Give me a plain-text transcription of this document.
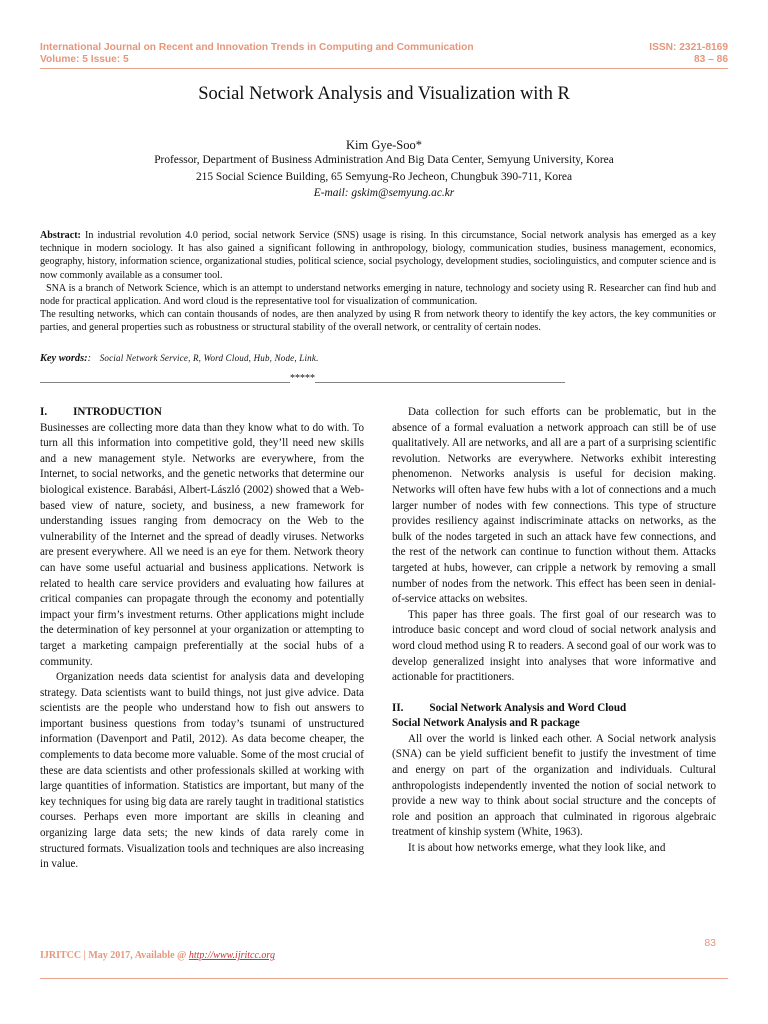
International Journal on Recent and Innovation Trends in Computing and Communication
Volume: 5 Issue: 5
ISSN: 2321-8169
83 – 86
Social Network Analysis and Visualization with R
Kim Gye-Soo*
Professor, Department of Business Administration And Big Data Center, Semyung University, Korea
215 Social Science Building, 65 Semyung-Ro Jecheon, Chungbuk 390-711, Korea
E-mail: gskim@semyung.ac.kr

Abstract: In industrial revolution 4.0 period, social network Service (SNS) usage is rising. In this circumstance, Social network analysis has emerged as a key technique in modern sociology. It has also gained a significant following in anthropology, biology, communication studies, business management, economics, geography, history, information science, organizational studies, political science, social psychology, development studies, sociolinguistics, and computer science and is now commonly available as a consumer tool.

SNA is a branch of Network Science, which is an attempt to understand networks emerging in nature, technology and society using R. Researcher can find hub and node for practical application. And word cloud is the representative tool for visualization of communication.

The resulting networks, which can contain thousands of nodes, are then analyzed by using R from network theory to identify the key actors, the key communities or parties, and general properties such as robustness or structural stability of the overall network, or centrality of certain nodes.

Key words:: Social Network Service, R, Word Cloud, Hub, Node, Link.
__________________________________________________*****__________________________________________________

I. INTRODUCTION

Businesses are collecting more data than they know what to do with. To turn all this information into competitive gold, they’ll need new skills and a new management style. Networks are everywhere, from the Internet, to social networks, and the genetic networks that determine our biological existence. Barabási, Albert-László (2002) showed that a Web-based view of nature, society, and business, a new framework for understanding issues ranging from democracy on the Web to the vulnerability of the Internet and the spread of deadly viruses. Networks are present everywhere. All we need is an eye for them. Network theory can have some useful actuarial and business applications. Network is related to health care service providers and evaluating how failures at critical companies can propagate through the economy and potentially impact your firm’s investment returns. Other applications might include the determination of key personnel at your organization or attempting to target a marketing campaign preferentially at the social hubs of a community.

Organization needs data scientist for analysis data and developing strategy. Data scientists want to build things, not just give advice. Data scientists are the people who understand how to fish out answers to important business questions from today’s tsunami of unstructured information (Davenport and Patil, 2012). As data become cheaper, the complements to data become more valuable. Some of the most crucial of these are data scientists and other professionals skilled at working with large quantities of information. Statistics are important, but many of the key techniques for using big data are rarely taught in traditional statistics courses. Perhaps even more important are skills in cleaning and organizing large data sets; the new kinds of data rarely come in structured formats. Visualization tools and techniques are also increasing in value.

Data collection for such efforts can be problematic, but in the absence of a formal evaluation a network approach can still be of use qualitatively. All are networks, and all are a part of a surprising scientific revolution. Networks are everywhere. Networks exhibit interesting phenomenon. Networks analysis is useful for decision making. Networks will often have few hubs with a lot of connections and a much larger number of nodes with few connections. This type of structure provides resiliency against indiscriminate attacks on networks, as the bulk of the nodes targeted in such an attack have few connections, and the rest of the network can continue to function without them. Attacks targeted at hubs, however, can cripple a network by removing a small number of nodes from the network. This effect has been seen in denial-of-service attacks on websites.

This paper has three goals. The first goal of our research was to introduce basic concept and word cloud of social network analysis and word cloud method using R to readers. A second goal of our work was to develop generalized insight into analyses that wore informative and actionable for practitioners.

II. Social Network Analysis and Word Cloud

Social Network Analysis and R package

All over the world is linked each other. A Social network analysis (SNA) can be yield sufficient benefit to justify the investment of time and energy on part of the organization and individuals. Cultural anthropologists independently invented the notion of social network to provide a new way to think about social structure and the concepts of role and position an approach that culminated in rigorous algebraic treatment of kinship system (White, 1963).

It is about how networks emerge, what they look like, and

83
IJRITCC | May 2017, Available @ http://www.ijritcc.org
